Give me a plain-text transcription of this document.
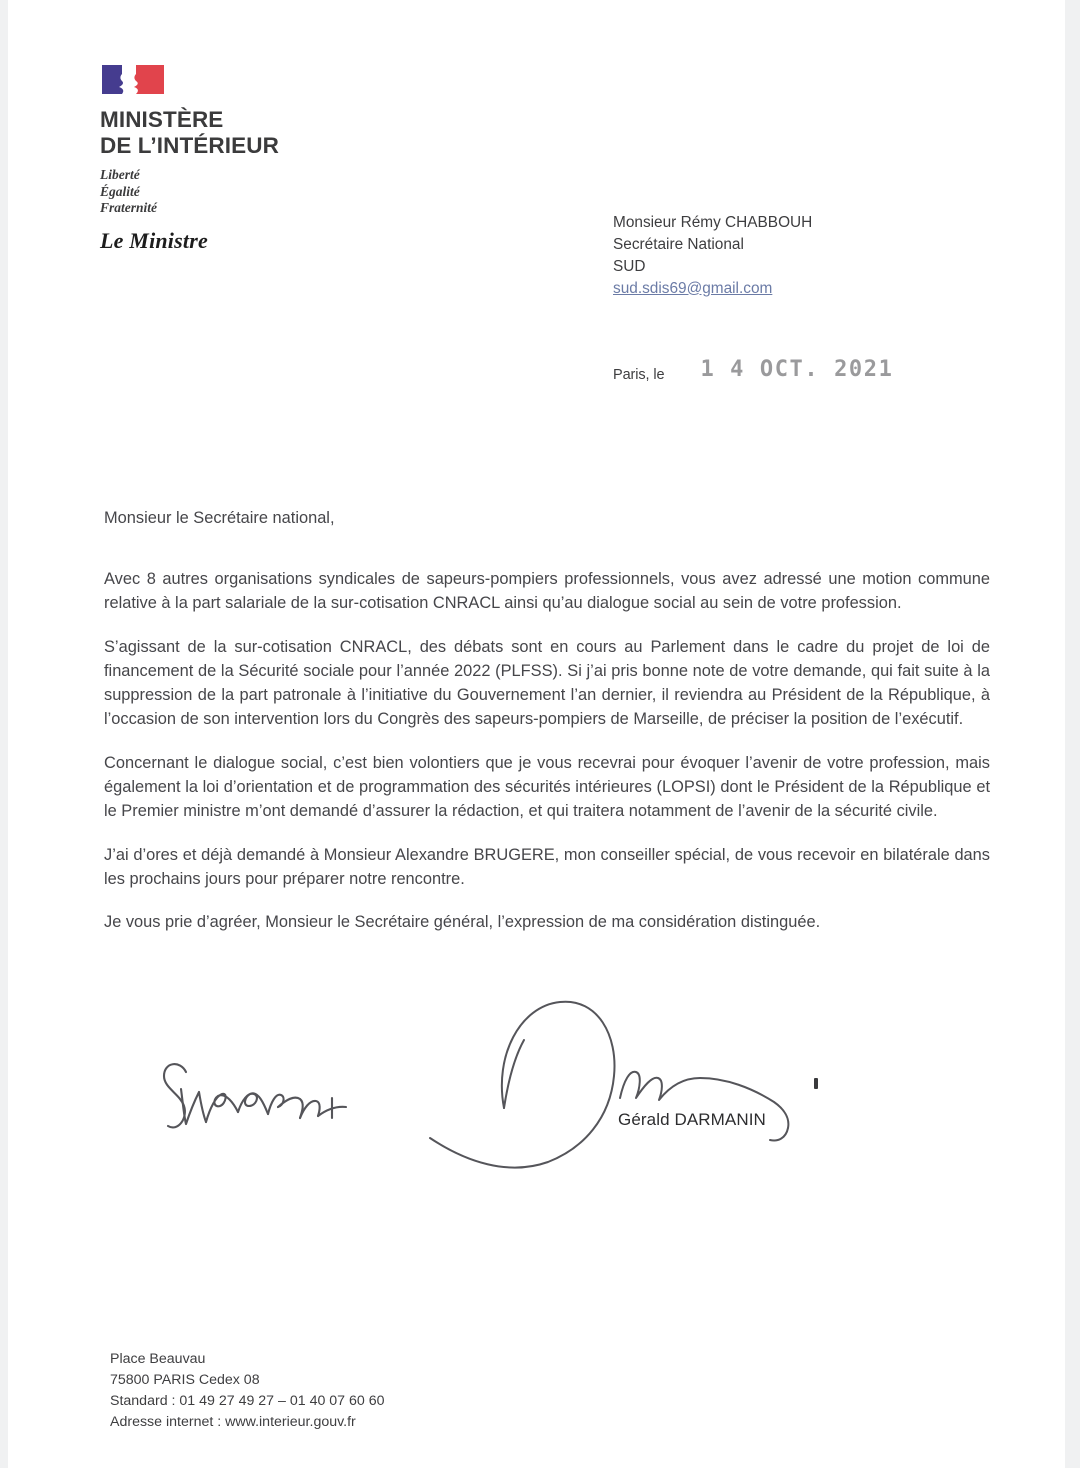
MINISTÈRE
DE L’INTÉRIEUR
Liberté
Égalité
Fraternité
Le Ministre
Monsieur Rémy CHABBOUH
Secrétaire National
SUD
sud.sdis69@gmail.com
Paris, le 1 4 OCT. 2021
Monsieur le Secrétaire national,

Avec 8 autres organisations syndicales de sapeurs-pompiers professionnels, vous avez adressé une motion commune relative à la part salariale de la sur-cotisation CNRACL ainsi qu’au dialogue social au sein de votre profession.

S’agissant de la sur-cotisation CNRACL, des débats sont en cours au Parlement dans le cadre du projet de loi de financement de la Sécurité sociale pour l’année 2022 (PLFSS). Si j’ai pris bonne note de votre demande, qui fait suite à la suppression de la part patronale à l’initiative du Gouvernement l’an dernier, il reviendra au Président de la République, à l’occasion de son intervention lors du Congrès des sapeurs-pompiers de Marseille, de préciser la position de l’exécutif.

Concernant le dialogue social, c’est bien volontiers que je vous recevrai pour évoquer l’avenir de votre profession, mais également la loi d’orientation et de programmation des sécurités intérieures (LOPSI) dont le Président de la République et le Premier ministre m’ont demandé d’assurer la rédaction, et qui traitera notamment de l’avenir de la sécurité civile.

J’ai d’ores et déjà demandé à Monsieur Alexandre BRUGERE, mon conseiller spécial, de vous recevoir en bilatérale dans les prochains jours pour préparer notre rencontre.

Je vous prie d’agréer, Monsieur le Secrétaire général, l’expression de ma considération distinguée.

Gérald DARMANIN
Place Beauvau
75800 PARIS Cedex 08
Standard : 01 49 27 49 27 – 01 40 07 60 60
Adresse internet : www.interieur.gouv.fr
